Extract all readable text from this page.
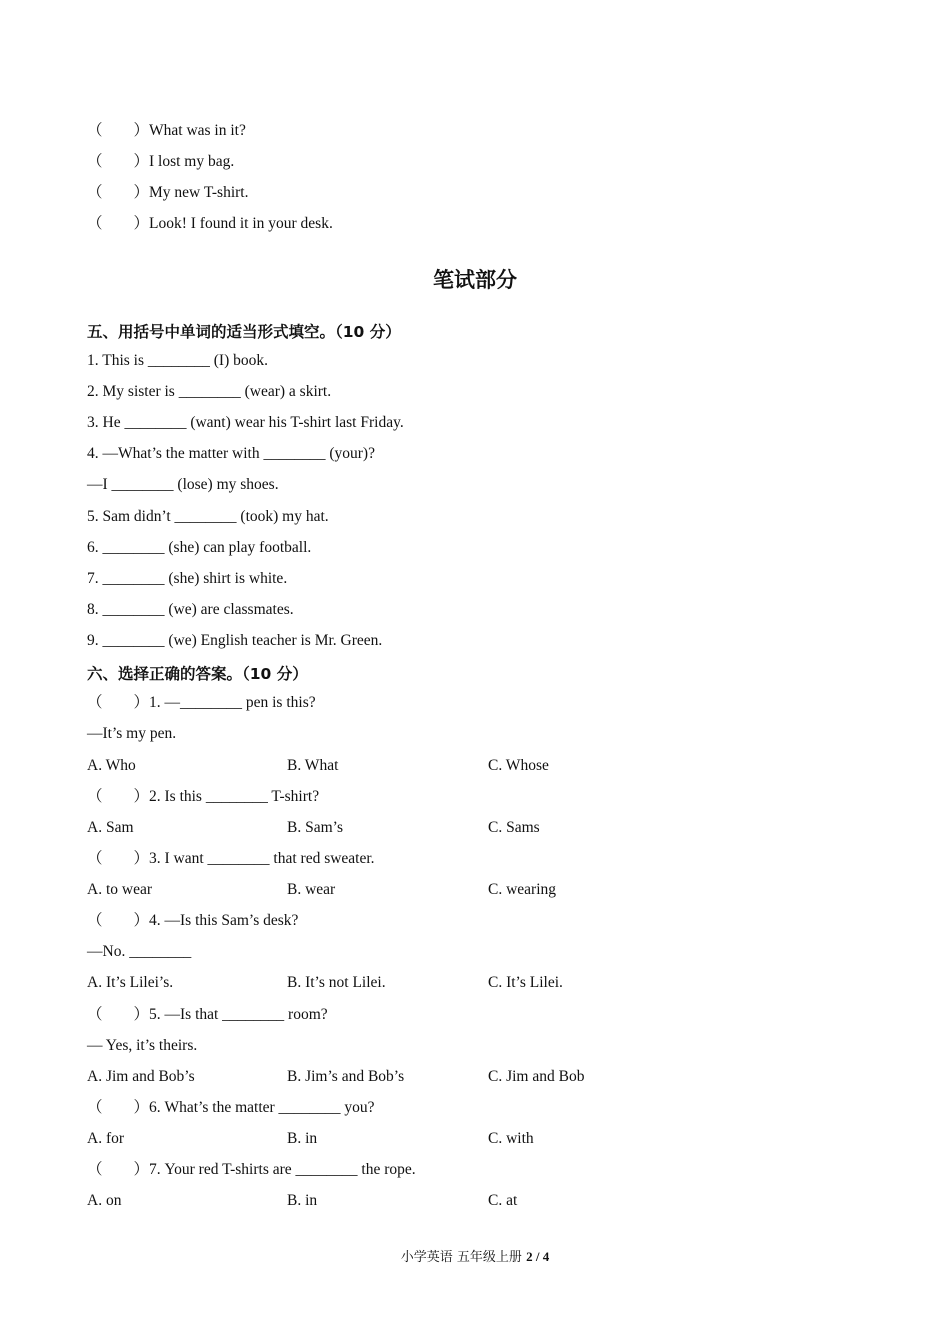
（　　）What was in it?
（　　）I lost my bag.
（　　）My new T-shirt.
（　　）Look! I found it in your desk.
笔试部分
五、用括号中单词的适当形式填空。（10 分）
1. This is ________ (I) book.
2. My sister is ________ (wear) a skirt.
3. He ________ (want) wear his T-shirt last Friday.
4. —What’s the matter with ________ (your)?
—I ________ (lose) my shoes.
5. Sam didn’t ________ (took) my hat.
6. ________ (she) can play football.
7. ________ (she) shirt is white.
8. ________ (we) are classmates.
9. ________ (we) English teacher is Mr. Green.
六、选择正确的答案。（10 分）
（　　）1. —________ pen is this?
—It’s my pen.
A. Who	B. What	C. Whose
（　　）2. Is this ________ T-shirt?
A. Sam	B. Sam’s	C. Sams
（　　）3. I want ________ that red sweater.
A. to wear	B. wear	C. wearing
（　　）4. —Is this Sam’s desk?
—No. ________
A. It’s Lilei’s.	B. It’s not Lilei.	C. It’s Lilei.
（　　）5. —Is that ________ room?
— Yes, it’s theirs.
A. Jim and Bob’s	B. Jim’s and Bob’s	C. Jim and Bob
（　　）6. What’s the matter ________ you?
A. for	B. in	C. with
（　　）7. Your red T-shirts are ________ the rope.
A. on	B. in	C. at
小学英语 五年级上册 2 / 4
